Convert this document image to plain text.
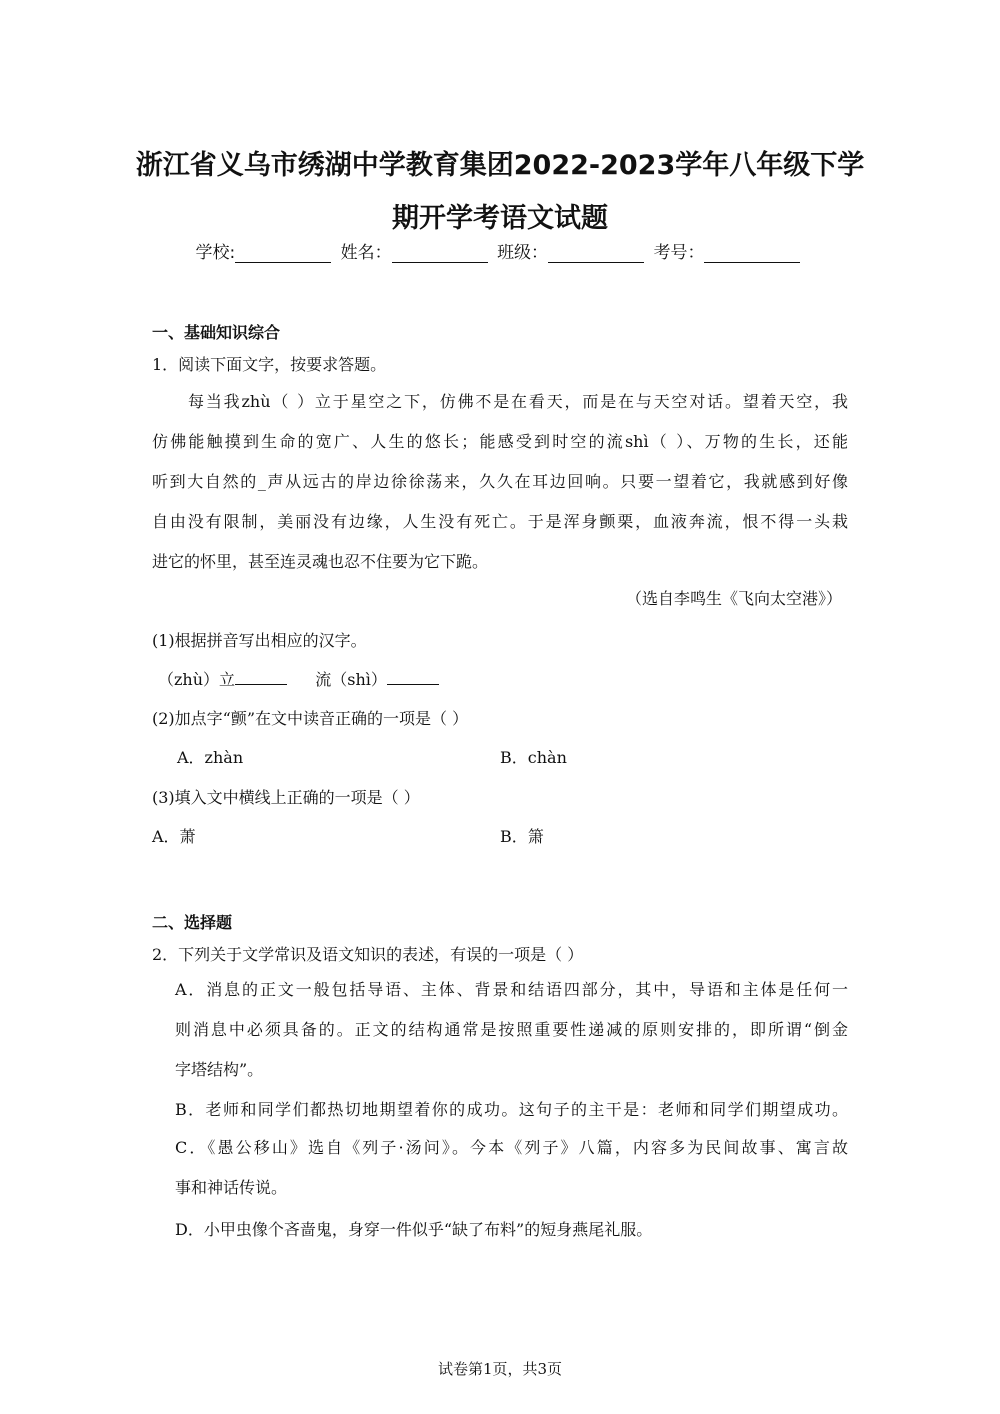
浙江省义乌市绣湖中学教育集团2022-2023学年八年级下学
期开学考语文试题
学校:	姓名：	班级：	考号：
一、基础知识综合
1．阅读下面文字，按要求答题。
每当我zhù（ ）立于星空之下，仿佛不是在看天，而是在与天空对话。望着天空，我
仿佛能触摸到生命的宽广、人生的悠长；能感受到时空的流shì（ ）、万物的生长，还能
听到大自然的_声从远古的岸边徐徐荡来，久久在耳边回响。只要一望着它，我就感到好像
自由没有限制，美丽没有边缘，人生没有死亡。于是浑身颤栗，血液奔流，恨不得一头栽
进它的怀里，甚至连灵魂也忍不住要为它下跪。
（选自李鸣生《飞向太空港》）
(1)根据拼音写出相应的汉字。
（zhù）立	流（shì）
(2)加点字“颤”在文中读音正确的一项是（ ）
A．zhàn	B．chàn
(3)填入文中横线上正确的一项是（ ）
A．萧	B．箫
二、选择题
2．下列关于文学常识及语文知识的表述，有误的一项是（ ）
A．消息的正文一般包括导语、主体、背景和结语四部分，其中，导语和主体是任何一
则消息中必须具备的。正文的结构通常是按照重要性递减的原则安排的，即所谓“倒金
字塔结构”。
B．老师和同学们都热切地期望着你的成功。这句子的主干是：老师和同学们期望成功。
C．《愚公移山》选自《列子·汤问》。今本《列子》八篇，内容多为民间故事、寓言故
事和神话传说。
D．小甲虫像个吝啬鬼，身穿一件似乎“缺了布料”的短身燕尾礼服。
试卷第1页，共3页
